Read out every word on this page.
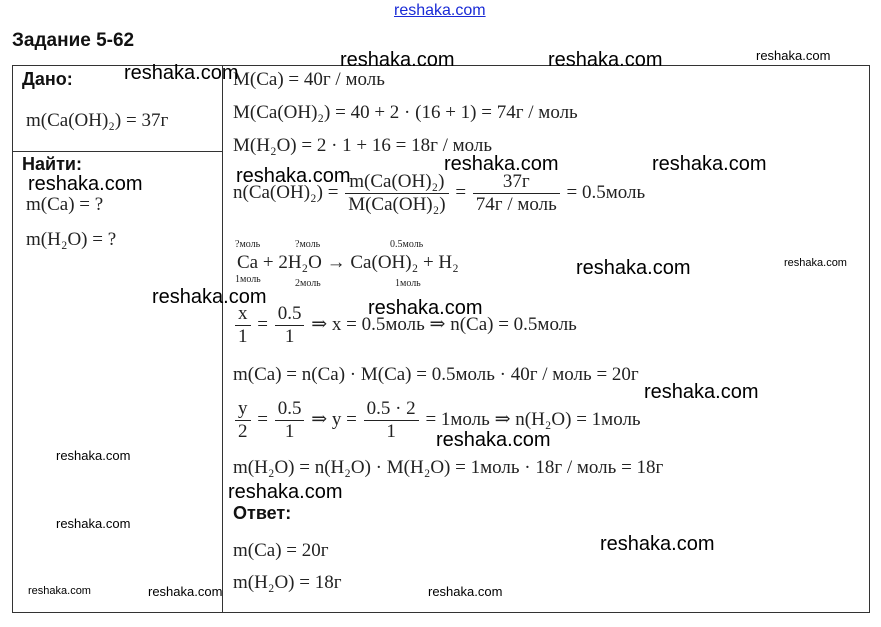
reshaka.com
Задание 5-62
Дано:
m(Ca(OH)₂) = 37г
Найти:
m(Ca) = ?
m(H₂O) = ?
M(Ca) = 40г / моль
M(Ca(OH)₂) = 40 + 2 · (16 + 1) = 74г / моль
M(H₂O) = 2 · 1 + 16 = 18г / моль
$n(Ca(OH)_2) = \frac{\text{m(Ca(OH)₂)}}{\text{M(Ca(OH)₂)}} = \frac{37г}{\text{74г / моль}}$ = 0.5моль
?моль	?моль	0.5моль
Ca + 2H₂O → Ca(OH)₂ + H₂
1моль	2моль	1моль
$\frac{x}{1} = \frac{0.5}{1}$ ⇒ x = 0.5моль ⇒ n(Ca) = 0.5моль
m(Ca) = n(Ca) · M(Ca) = 0.5моль · 40г / моль = 20г
$\frac{y}{2} = \frac{0.5}{1}$ ⇒ $y = \frac{0.5 \cdot 2}{1}$ = 1моль ⇒ n(H₂O) = 1моль
m(H₂O) = n(H₂O) · M(H₂O) = 1моль · 18г / моль = 18г
Ответ:
m(Ca) = 20г
m(H₂O) = 18г
reshaka.com
reshaka.com	reshaka.com	reshaka.com
reshaka.com	reshaka.com
reshaka.com	reshaka.com
reshaka.com	reshaka.com
reshaka.com	reshaka.com
reshaka.com
reshaka.com
reshaka.com
reshaka.com
reshaka.com
reshaka.com
reshaka.com	reshaka.com	reshaka.com
